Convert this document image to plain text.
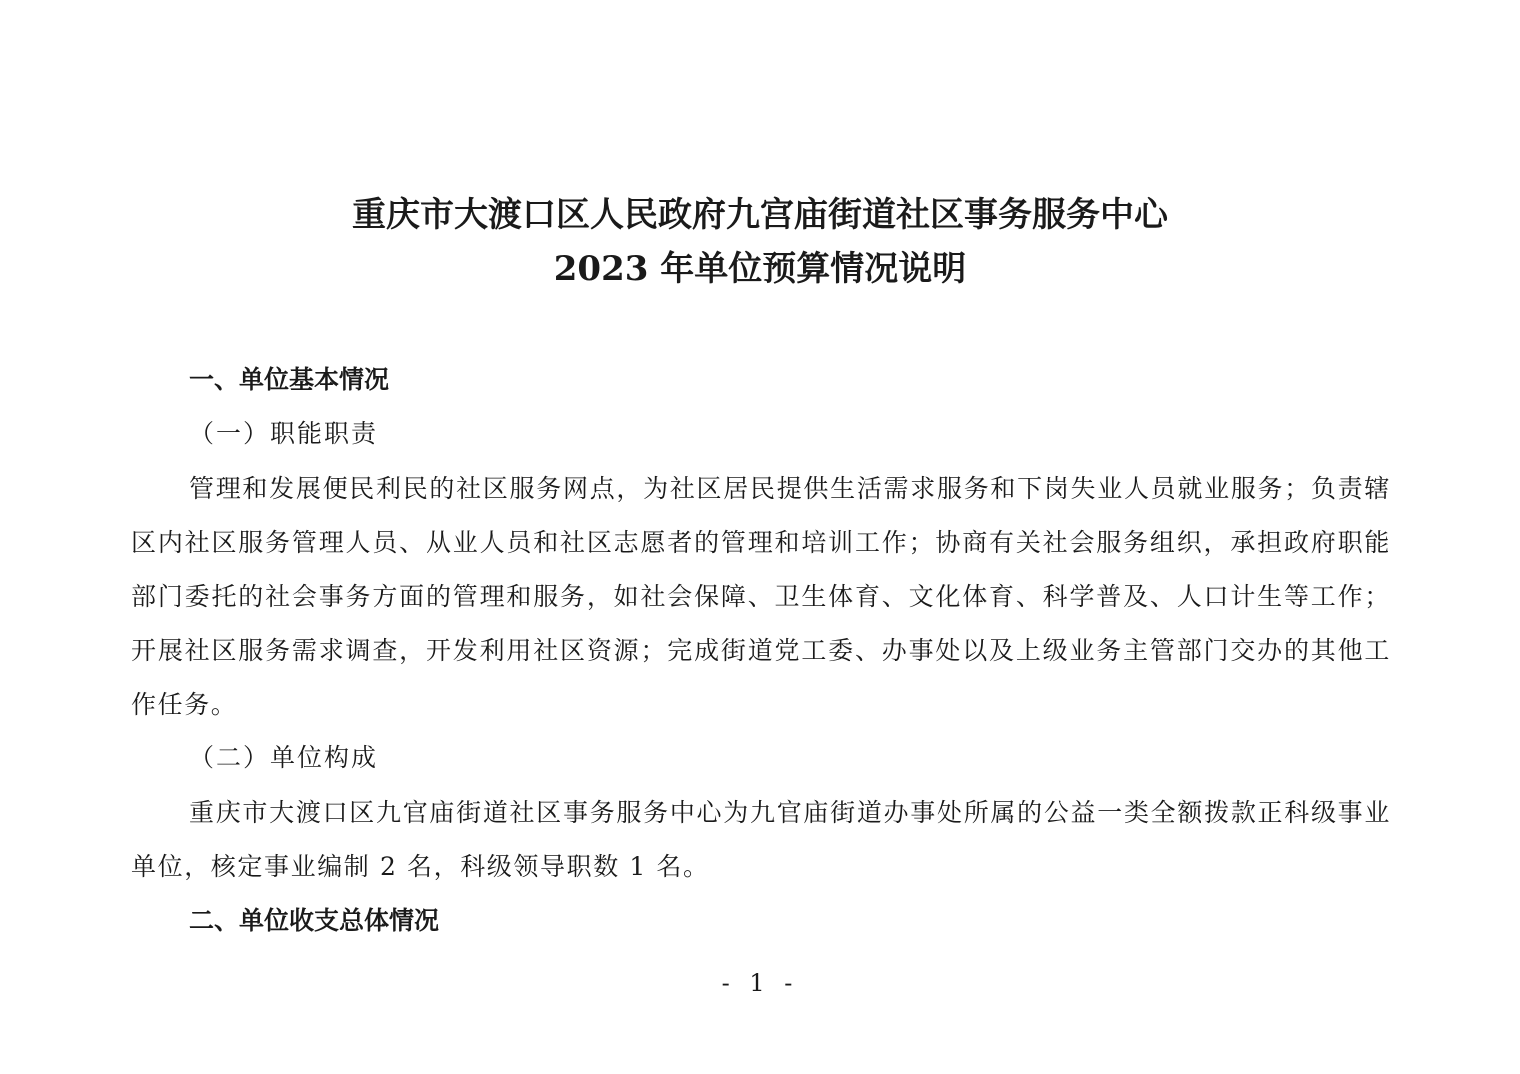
重庆市大渡口区人民政府九宫庙街道社区事务服务中心
2023 年单位预算情况说明
一、单位基本情况
（一）职能职责
管理和发展便民利民的社区服务网点，为社区居民提供生活需求服务和下岗失业人员就业服务；负责辖区内社区服务管理人员、从业人员和社区志愿者的管理和培训工作；协商有关社会服务组织，承担政府职能部门委托的社会事务方面的管理和服务，如社会保障、卫生体育、文化体育、科学普及、人口计生等工作；开展社区服务需求调查，开发利用社区资源；完成街道党工委、办事处以及上级业务主管部门交办的其他工作任务。
（二）单位构成
重庆市大渡口区九官庙街道社区事务服务中心为九官庙街道办事处所属的公益一类全额拨款正科级事业单位，核定事业编制 2 名，科级领导职数 1 名。
二、单位收支总体情况
- 1 -
